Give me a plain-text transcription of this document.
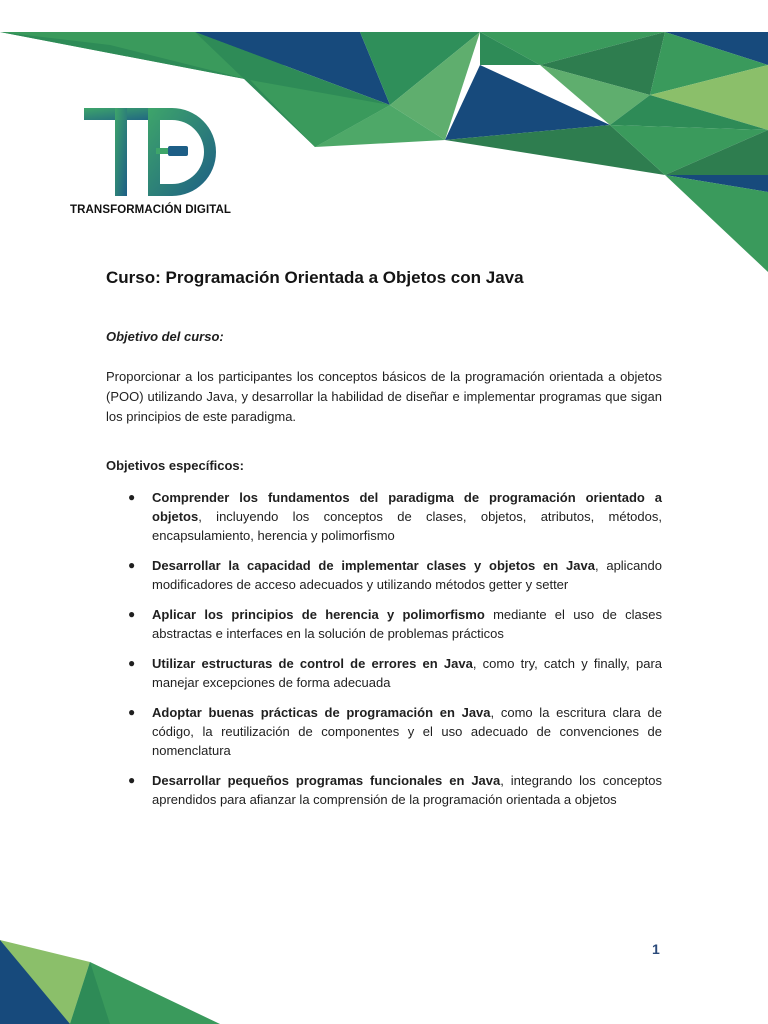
TRANSFORMACIÓN DIGITAL
Curso: Programación Orientada a Objetos con Java
Objetivo del curso:
Proporcionar a los participantes los conceptos básicos de la programación orientada a objetos (POO) utilizando Java, y desarrollar la habilidad de diseñar e implementar programas que sigan los principios de este paradigma.
Objetivos específicos:
● Comprender los fundamentos del paradigma de programación orientado a objetos, incluyendo los conceptos de clases, objetos, atributos, métodos, encapsulamiento, herencia y polimorfismo
● Desarrollar la capacidad de implementar clases y objetos en Java, aplicando modificadores de acceso adecuados y utilizando métodos getter y setter
● Aplicar los principios de herencia y polimorfismo mediante el uso de clases abstractas e interfaces en la solución de problemas prácticos
● Utilizar estructuras de control de errores en Java, como try, catch y finally, para manejar excepciones de forma adecuada
● Adoptar buenas prácticas de programación en Java, como la escritura clara de código, la reutilización de componentes y el uso adecuado de convenciones de nomenclatura
● Desarrollar pequeños programas funcionales en Java, integrando los conceptos aprendidos para afianzar la comprensión de la programación orientada a objetos
1
